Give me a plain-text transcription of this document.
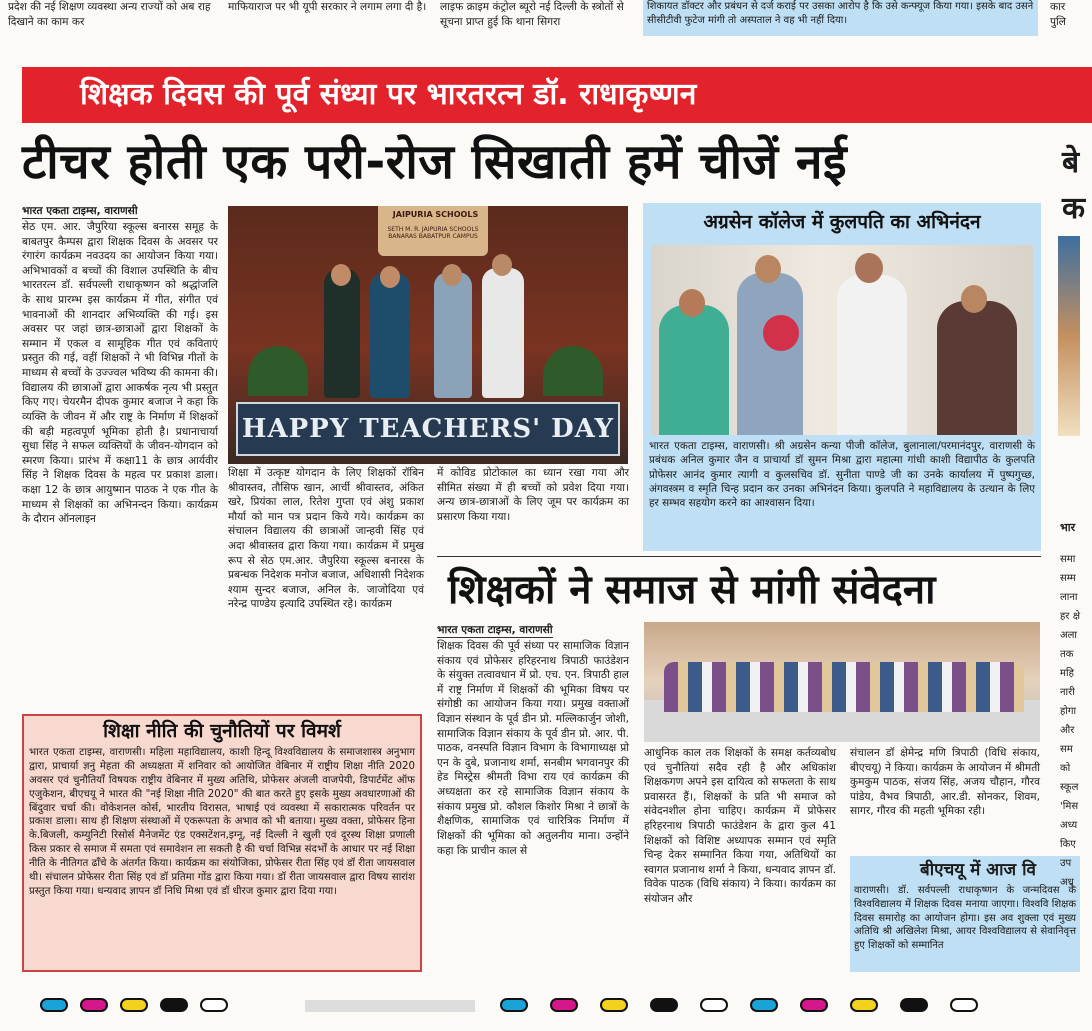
प्रदेश की नई शिक्षण व्यवस्था अन्य राज्यों को अब राह दिखाने का काम कर
माफियाराज पर भी यूपी सरकार ने लगाम लगा दी है। लाइफ क्राइम कंट्रोल ब्यूरो नई दिल्ली के स्त्रोतों से सूचना प्राप्त हुई कि थाना सिगरा
शिकायत डॉक्टर और प्रबंधन से दर्ज कराई पर उसका आरोप है कि उसे कन्फ्यूज किया गया। इसके बाद उसने सीसीटीवी फुटेज मांगी तो अस्पताल ने वह भी नहीं दिया।
कार पुलि
शिक्षक दिवस की पूर्व संध्या पर भारतरत्न डॉ. राधाकृष्णन
टीचर होती एक परी-रोज सिखाती हमें चीजें नई	बे क
भारत एकता टाइम्स, वाराणसी
सेठ एम. आर. जैपुरिया स्कूल्स बनारस समूह के बाबतपुर कैम्पस द्वारा शिक्षक दिवस के अवसर पर रंगारंग कार्यक्रम नवउदय का आयोजन किया गया। अभिभावकों व बच्चों की विशाल उपस्थिति के बीच भारतरत्न डॉ. सर्वपल्ली राधाकृष्णन को श्रद्धांजलि के साथ प्रारम्भ इस कार्यक्रम में गीत, संगीत एवं भावनाओं की शानदार अभिव्यक्ति की गई। इस अवसर पर जहां छात्र-छात्राओं द्वारा शिक्षकों के सम्मान में एकल व सामूहिक गीत एवं कविताएं प्रस्तुत की गई, वहीं शिक्षकों ने भी विभिन्न गीतों के माध्यम से बच्चों के उज्ज्वल भविष्य की कामना की। विद्यालय की छात्राओं द्वारा आकर्षक नृत्य भी प्रस्तुत किए गए। चेयरमैन दीपक कुमार बजाज ने कहा कि व्यक्ति के जीवन में और राष्ट्र के निर्माण में शिक्षकों की बड़ी महत्वपूर्ण भूमिका होती है। प्रधानाचार्या सुधा सिंह ने सफल व्यक्तियों के जीवन-योगदान को स्मरण किया। प्रारंभ में कक्षा11 के छात्र आर्यवीर सिंह ने शिक्षक दिवस के महत्व पर प्रकाश डाला। कक्षा 12 के छात्र आयुष्मान पाठक ने एक गीत के माध्यम से शिक्षकों का अभिनन्दन किया। कार्यक्रम के दौरान ऑनलाइन
JAIPURIA SCHOOLS
SETH M. R. JAIPURIA SCHOOLS BANARAS BABATPUR CAMPUS
HAPPY TEACHERS' DAY
शिक्षा में उत्कृष्ट योगदान के लिए शिक्षकों रॉबिन श्रीवास्तव, तौसिफ खान, आर्ची श्रीवास्तव, अंकित खरे, प्रियंका लाल, रितेश गुप्ता एवं अंशु प्रकाश मौर्या को मान पत्र प्रदान किये गये। कार्यक्रम का संचालन विद्यालय की छात्राओं जान्हवी सिंह एवं अदा श्रीवास्तव द्वारा किया गया। कार्यक्रम में प्रमुख रूप से सेठ एम.आर. जैपुरिया स्कूल्स बनारस के प्रबन्धक निदेशक मनोज बजाज, अधिशासी निदेशक श्याम सुन्दर बजाज, अनिल के. जाजोदिया एवं नरेन्द्र पाण्डेय इत्यादि उपस्थित रहे। कार्यक्रम
में कोविड प्रोटोकाल का ध्यान रखा गया और सीमित संख्या में ही बच्चों को प्रवेश दिया गया। अन्य छात्र-छात्राओं के लिए जूम पर कार्यक्रम का प्रसारण किया गया।
अग्रसेन कॉलेज में कुलपति का अभिनंदन
भारत एकता टाइम्स, वाराणसी। श्री अग्रसेन कन्या पीजी कॉलेज, बुलानाला/परमानंदपुर, वाराणसी के प्रबंधक अनिल कुमार जैन व प्राचार्या डॉ सुमन मिश्रा द्वारा महात्मा गांधी काशी विद्यापीठ के कुलपति प्रोफेसर आनंद कुमार त्यागी व कुलसचिव डॉ. सुनीता पाण्डे जी का उनके कार्यालय में पुष्पगुच्छ, अंगवस्त्रम व स्मृति चिन्ह प्रदान कर उनका अभिनंदन किया। कुलपति ने महाविद्यालय के उत्थान के लिए हर सम्भव सहयोग करने का आश्वासन दिया।
शिक्षकों ने समाज से मांगी संवेदना
भारत एकता टाइम्स, वाराणसी
शिक्षक दिवस की पूर्व संध्या पर सामाजिक विज्ञान संकाय एवं प्रोफेसर हरिहरनाथ त्रिपाठी फाउंडेशन के संयुक्त तत्वावधान में प्रो. एच. एन. त्रिपाठी हाल में राष्ट्र निर्माण में शिक्षकों की भूमिका विषय पर संगोष्ठी का आयोजन किया गया। प्रमुख वक्ताओं विज्ञान संस्थान के पूर्व डीन प्रो. मल्लिकार्जुन जोशी, सामाजिक विज्ञान संकाय के पूर्व डीन प्रो. आर. पी. पाठक, वनस्पति विज्ञान विभाग के विभागाध्यक्ष प्रो एन के दुबे, प्रजानाथ शर्मा, सनबीम भगवानपुर की हेड मिस्ट्रेस श्रीमती विभा राय एवं कार्यक्रम की अध्यक्षता कर रहे सामाजिक विज्ञान संकाय के संकाय प्रमुख प्रो. कौशल किशोर मिश्रा ने छात्रों के शैक्षणिक, सामाजिक एवं चारित्रिक निर्माण में शिक्षकों की भूमिका को अतुलनीय माना। उन्होंने कहा कि प्राचीन काल से
आधुनिक काल तक शिक्षकों के समक्ष कर्तव्यबोध एवं चुनौतियां सदैव रही है और अधिकांश शिक्षकगण अपने इस दायित्व को सफलता के साथ प्रवासरत हैं।, शिक्षकों के प्रति भी समाज को संवेदनशील होना चाहिए। कार्यक्रम में प्रोफेसर हरिहरनाथ त्रिपाठी फाउंडेशन के द्वारा कुल 41 शिक्षकों को विशिष्ट अध्यापक सम्मान एवं स्मृति चिन्ह देकर सम्मानित किया गया, अतिथियों का स्वागत प्रजानाथ शर्मा ने किया, धन्यवाद ज्ञापन डॉ. विवेक पाठक (विधि संकाय) ने किया। कार्यक्रम का संयोजन और
संचालन डॉ क्षेमेन्द्र मणि त्रिपाठी (विधि संकाय, बीएचयू) ने किया। कार्यक्रम के आयोजन में श्रीमती कुमकुम पाठक, संजय सिंह, अजय चौहान, गौरव पांडेय, वैभव त्रिपाठी, आर.डी. सोनकर, शिवम, सागर, गौरव की महती भूमिका रही।
बीएचयू में आज वि
वाराणसी। डॉ. सर्वपल्ली राधाकृष्णन के जन्मदिवस के विश्वविद्यालय में शिक्षक दिवस मनाया जाएगा। विश्ववि शिक्षक दिवस समारोह का आयोजन होगा। इस अव शुक्ला एवं मुख्य अतिथि श्री अखिलेश मिश्रा, आयर विश्वविद्यालय से सेवानिवृत्त हुए शिक्षकों को सम्मानित
शिक्षा नीति की चुनौतियों पर विमर्श
भारत एकता टाइम्स, वाराणसी। महिला महाविद्यालय, काशी हिन्दू विश्वविद्यालय के समाजशास्त्र अनुभाग द्वारा, प्राचार्या ज्ञनु मेहता की अध्यक्षता में शनिवार को आयोजित वेबिनार में राष्ट्रीय शिक्षा नीति 2020 अवसर एवं चुनौतियाँ विषयक राष्ट्रीय वेबिनार में मुख्य अतिथि, प्रोफेसर अंजली वाजपेयी, डिपार्टमेंट ऑफ एजुकेशन, बीएचयू ने भारत की "नई शिक्षा नीति 2020" की बात करते हुए इसके मुख्य अवधारणाओं की बिंदुवार चर्चा की। वोकेशनल कोर्स, भारतीय विरासत, भाषाई एवं व्यवस्था में सकारात्मक परिवर्तन पर प्रकाश डाला। साथ ही शिक्षण संस्थाओं में एकरूपता के अभाव को भी बताया। मुख्य वक्ता, प्रोफेसर हिना के.बिजली, कम्युनिटी रिसोर्स मैनेजमेंट एंड एक्सटेंशन,इग्नू, नई दिल्ली ने खुली एवं दूरस्थ शिक्षा प्रणाली किस प्रकार से समाज में समता एवं समावेशन ला सकती है की चर्चा विभिन्न संदर्भों के आधार पर नई शिक्षा नीति के नीतिगत ढाँचे के अंतर्गत किया। कार्यक्रम का संयोजिका, प्रोफेसर रीता सिंह एवं डॉ रीता जायसवाल थी। संचालन प्रोफेसर रीता सिंह एवं डॉ प्रतिमा गोंड द्वारा किया गया। डॉ रीता जायसवाल द्वारा विषय सारांश प्रस्तुत किया गया। धन्यवाद ज्ञापन डॉ निधि मिश्रा एवं डॉ धीरज कुमार द्वारा दिया गया।
भार
समा सम्म लाना हर क्षे अला तक महि नारी होगा और सम को स्कूल 'मिस अध्य किए उप अध्
